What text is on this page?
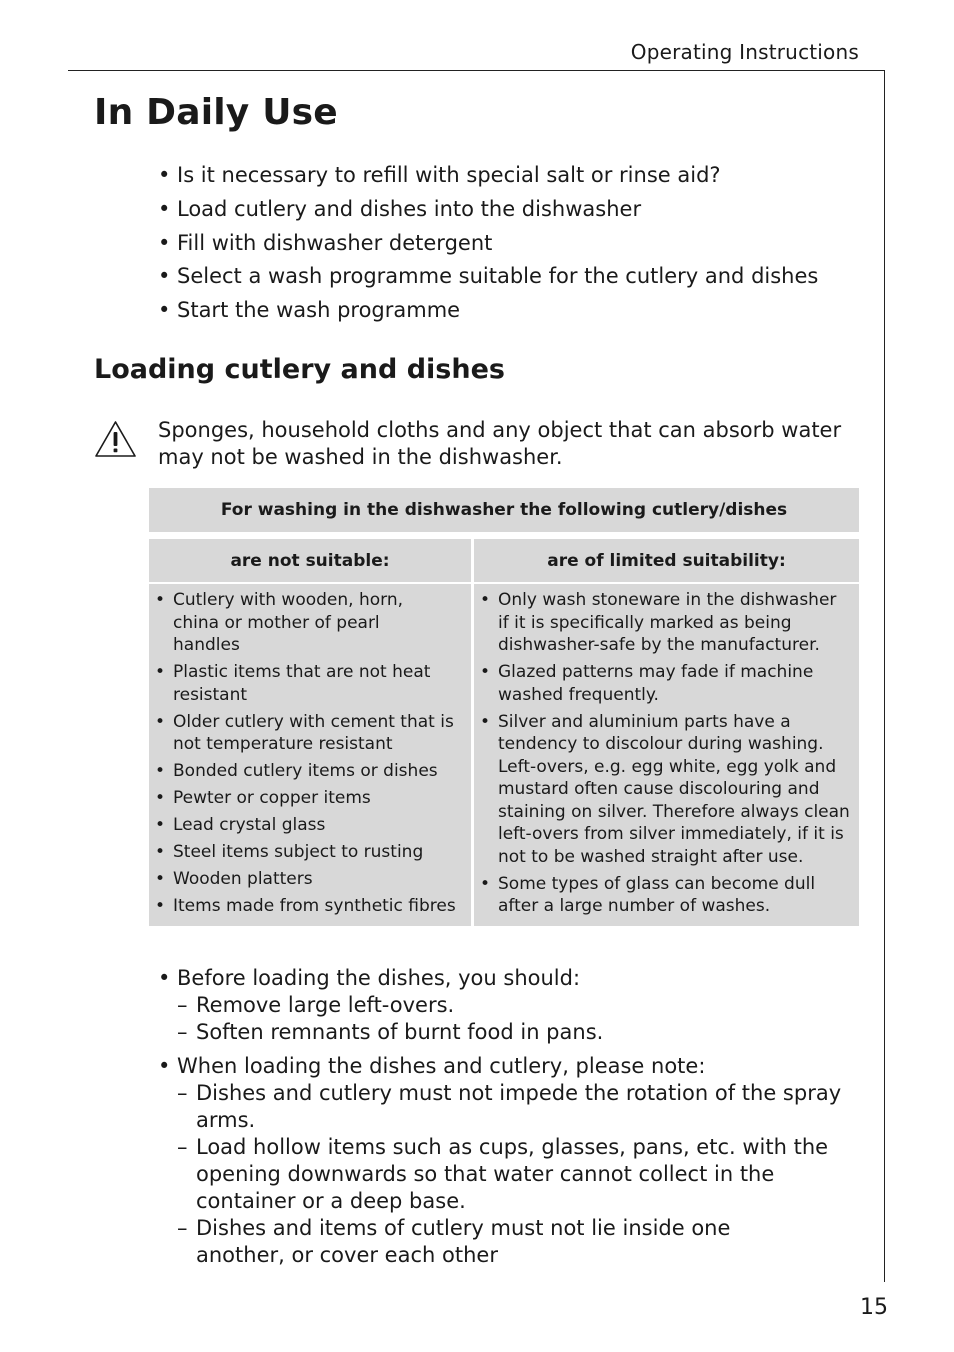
Operating Instructions
In Daily Use
• Is it necessary to refill with special salt or rinse aid?
• Load cutlery and dishes into the dishwasher
• Fill with dishwasher detergent
• Select a wash programme suitable for the cutlery and dishes
• Start the wash programme
Loading cutlery and dishes

Sponges, household cloths and any object that can absorb water may not be washed in the dishwasher.

For washing in the dishwasher the following cutlery/dishes
are not suitable:	are of limited suitability:
• Cutlery with wooden, horn, china or mother of pearl handles
• Plastic items that are not heat resistant
• Older cutlery with cement that is not temperature resistant
• Bonded cutlery items or dishes
• Pewter or copper items
• Lead crystal glass
• Steel items subject to rusting
• Wooden platters
• Items made from synthetic fibres
• Only wash stoneware in the dishwasher if it is specifically marked as being dishwasher-safe by the manufacturer.
• Glazed patterns may fade if machine washed frequently.
• Silver and aluminium parts have a tendency to discolour during washing. Left-overs, e.g. egg white, egg yolk and mustard often cause discolouring and staining on silver. Therefore always clean left-overs from silver immediately, if it is not to be washed straight after use.
• Some types of glass can become dull after a large number of washes.
• Before loading the dishes, you should:
– Remove large left-overs.
– Soften remnants of burnt food in pans.
• When loading the dishes and cutlery, please note:
– Dishes and cutlery must not impede the rotation of the spray arms.
– Load hollow items such as cups, glasses, pans, etc. with the opening downwards so that water cannot collect in the container or a deep base.
– Dishes and items of cutlery must not lie inside one another, or cover each other
15
